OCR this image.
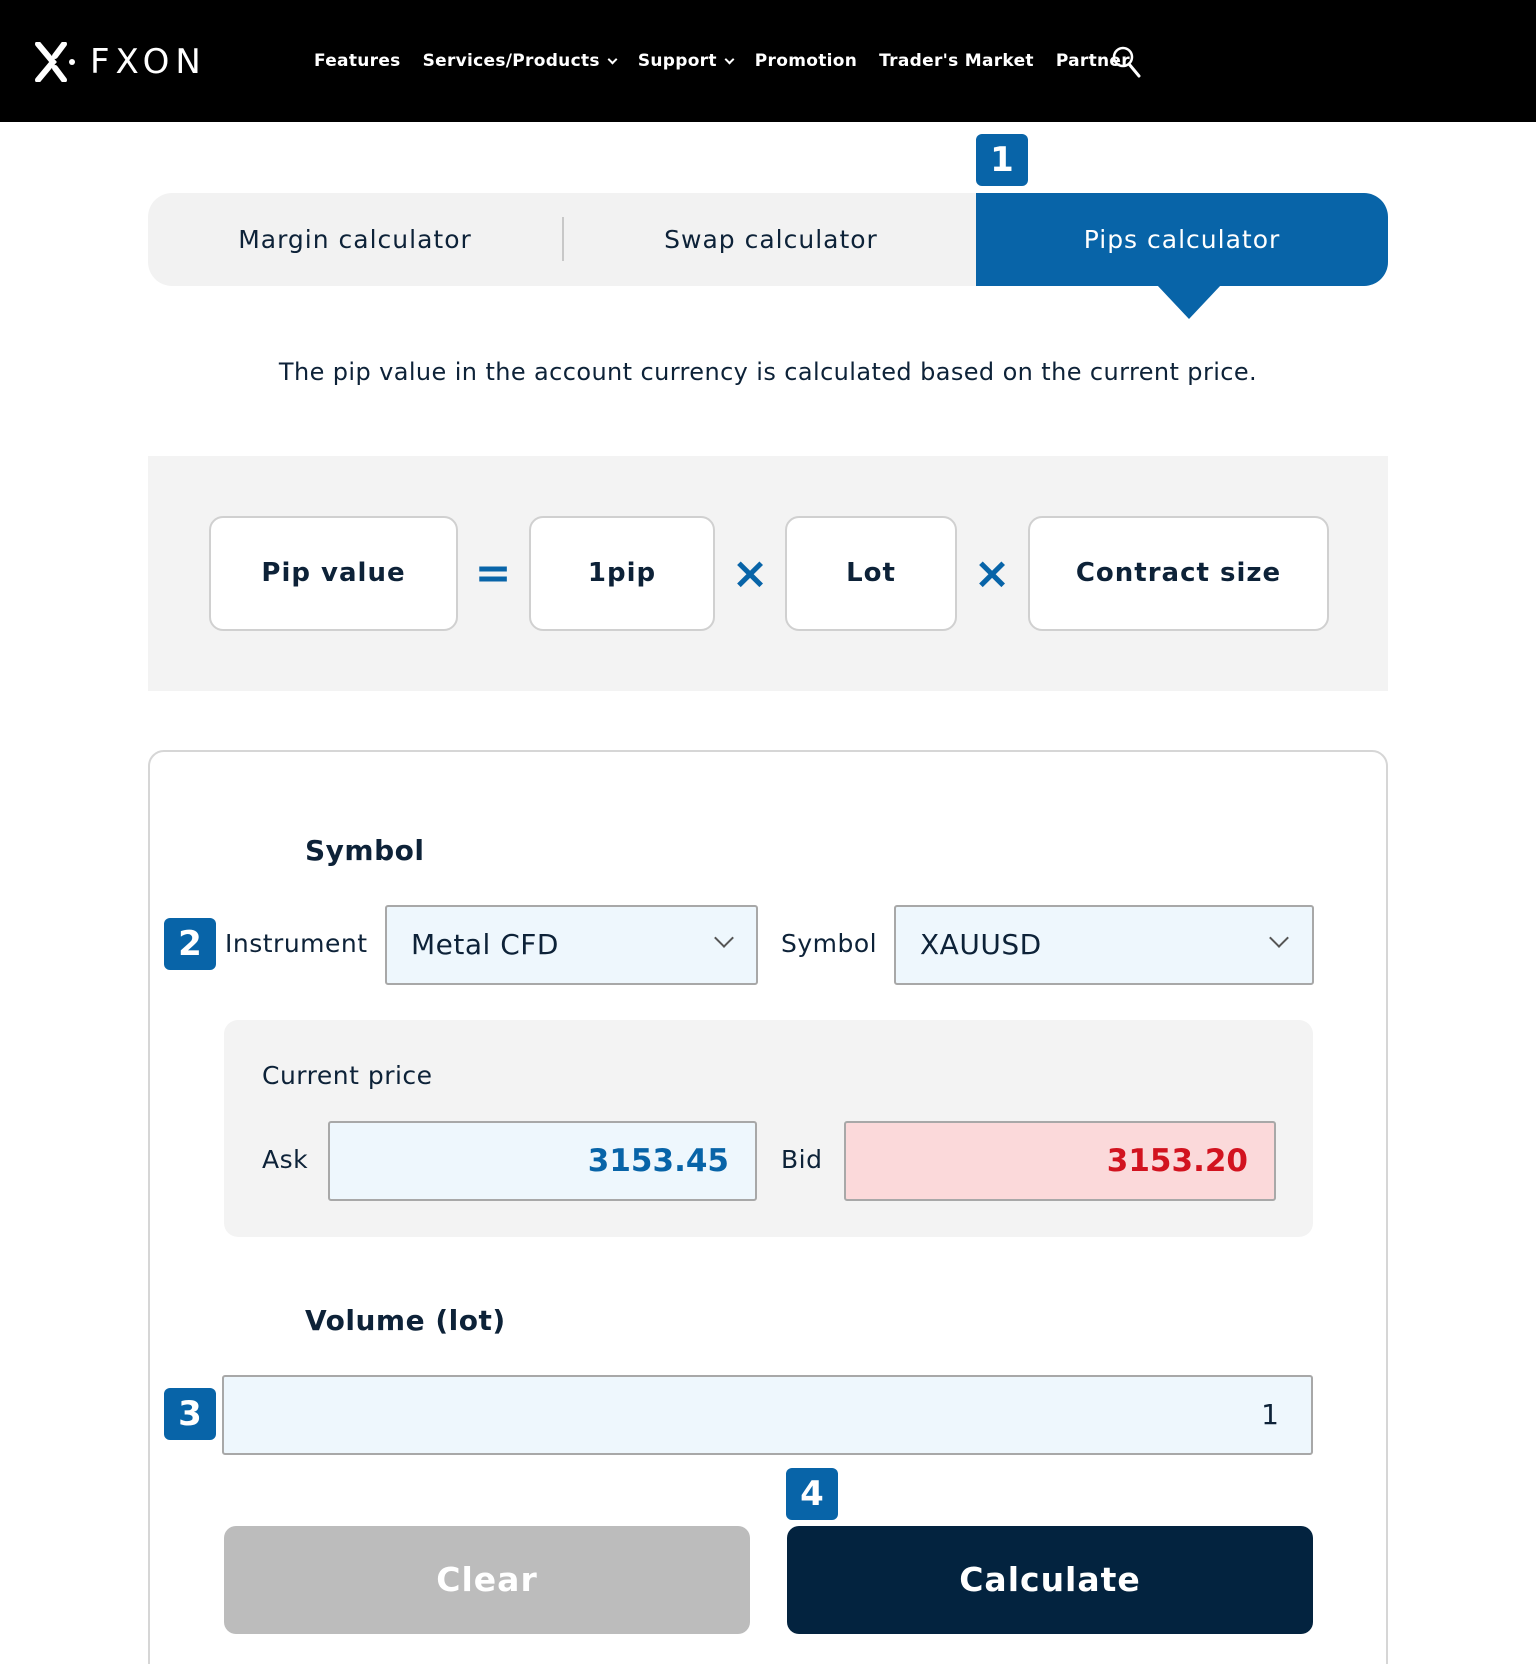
FXON	Features Services/Products Support Promotion Trader's Market Partner
1
Margin calculator	Swap calculator	Pips calculator
The pip value in the account currency is calculated based on the current price.
Pip value	=	1pip	×	Lot	×	Contract size
Symbol
2 Instrument	Metal CFD	Symbol	XAUUSD
Current price
Ask	3153.45	Bid	3153.20
Volume (lot)
3	1
4
Clear	Calculate
